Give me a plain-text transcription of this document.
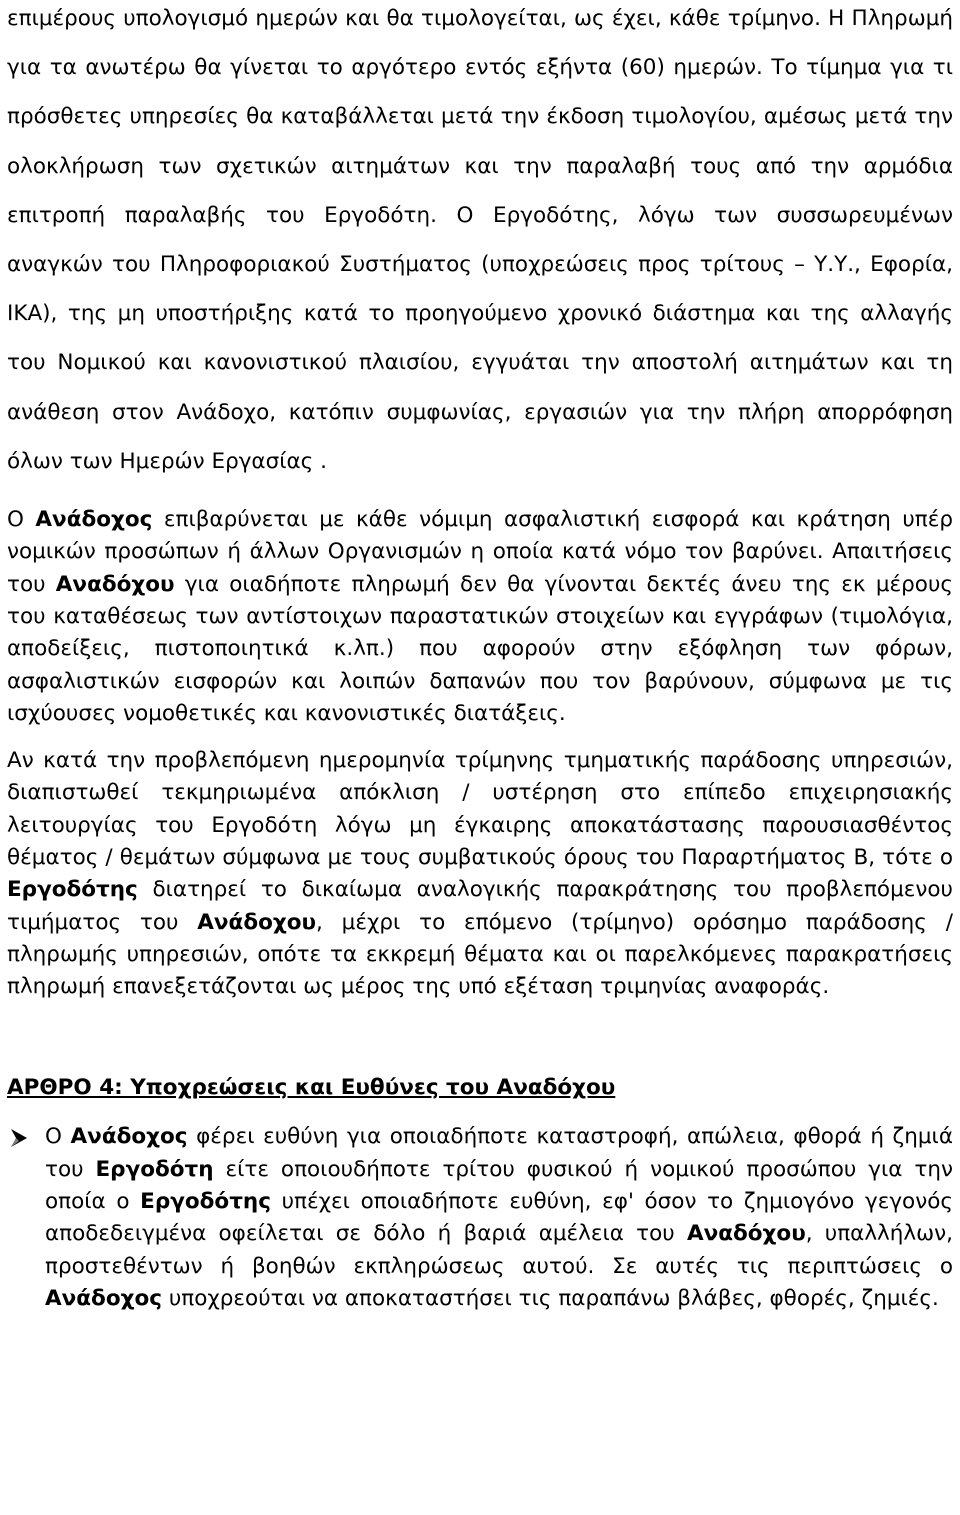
επιμέρους υπολογισμό ημερών και θα τιμολογείται, ως έχει, κάθε τρίμηνο. Η Πληρωμή για τα ανωτέρω θα γίνεται το αργότερο εντός εξήντα (60) ημερών. Το τίμημα για τι πρόσθετες υπηρεσίες θα καταβάλλεται μετά την έκδοση τιμολογίου, αμέσως μετά την ολοκλήρωση των σχετικών αιτημάτων και την παραλαβή τους από την αρμόδια επιτροπή παραλαβής του Εργοδότη. Ο Εργοδότης, λόγω των συσσωρευμένων αναγκών του Πληροφοριακού Συστήματος (υποχρεώσεις προς τρίτους – Υ.Υ., Εφορία, ΙΚΑ), της μη υποστήριξης κατά το προηγούμενο χρονικό διάστημα και της αλλαγής του Νομικού και κανονιστικού πλαισίου, εγγυάται την αποστολή αιτημάτων και τη ανάθεση στον Ανάδοχο, κατόπιν συμφωνίας, εργασιών για την πλήρη απορρόφηση όλων των Ημερών Εργασίας .

Ο Ανάδοχος επιβαρύνεται με κάθε νόμιμη ασφαλιστική εισφορά και κράτηση υπέρ νομικών προσώπων ή άλλων Οργανισμών η οποία κατά νόμο τον βαρύνει. Απαιτήσεις του Αναδόχου για οιαδήποτε πληρωμή δεν θα γίνονται δεκτές άνευ της εκ μέρους του καταθέσεως των αντίστοιχων παραστατικών στοιχείων και εγγράφων (τιμολόγια, αποδείξεις, πιστοποιητικά κ.λπ.) που αφορούν στην εξόφληση των φόρων, ασφαλιστικών εισφορών και λοιπών δαπανών που τον βαρύνουν, σύμφωνα με τις ισχύουσες νομοθετικές και κανονιστικές διατάξεις.

Αν κατά την προβλεπόμενη ημερομηνία τρίμηνης τμηματικής παράδοσης υπηρεσιών, διαπιστωθεί τεκμηριωμένα απόκλιση / υστέρηση στο επίπεδο επιχειρησιακής λειτουργίας του Εργοδότη λόγω μη έγκαιρης αποκατάστασης παρουσιασθέντος θέματος / θεμάτων σύμφωνα με τους συμβατικούς όρους του Παραρτήματος Β, τότε ο Εργοδότης διατηρεί το δικαίωμα αναλογικής παρακράτησης του προβλεπόμενου τιμήματος του Ανάδοχου, μέχρι το επόμενο (τρίμηνο) ορόσημο παράδοσης / πληρωμής υπηρεσιών, οπότε τα εκκρεμή θέματα και οι παρελκόμενες παρακρατήσεις πληρωμή επανεξετάζονται ως μέρος της υπό εξέταση τριμηνίας αναφοράς.

ΑΡΘΡΟ 4: Υποχρεώσεις και Ευθύνες του Αναδόχου

Ο Ανάδοχος φέρει ευθύνη για οποιαδήποτε καταστροφή, απώλεια, φθορά ή ζημιά του Εργοδότη είτε οποιουδήποτε τρίτου φυσικού ή νομικού προσώπου για την οποία ο Εργοδότης υπέχει οποιαδήποτε ευθύνη, εφ' όσον το ζημιογόνο γεγονός αποδεδειγμένα οφείλεται σε δόλο ή βαριά αμέλεια του Αναδόχου, υπαλλήλων, προστεθέντων ή βοηθών εκπληρώσεως αυτού. Σε αυτές τις περιπτώσεις ο Ανάδοχος υποχρεούται να αποκαταστήσει τις παραπάνω βλάβες, φθορές, ζημιές.
